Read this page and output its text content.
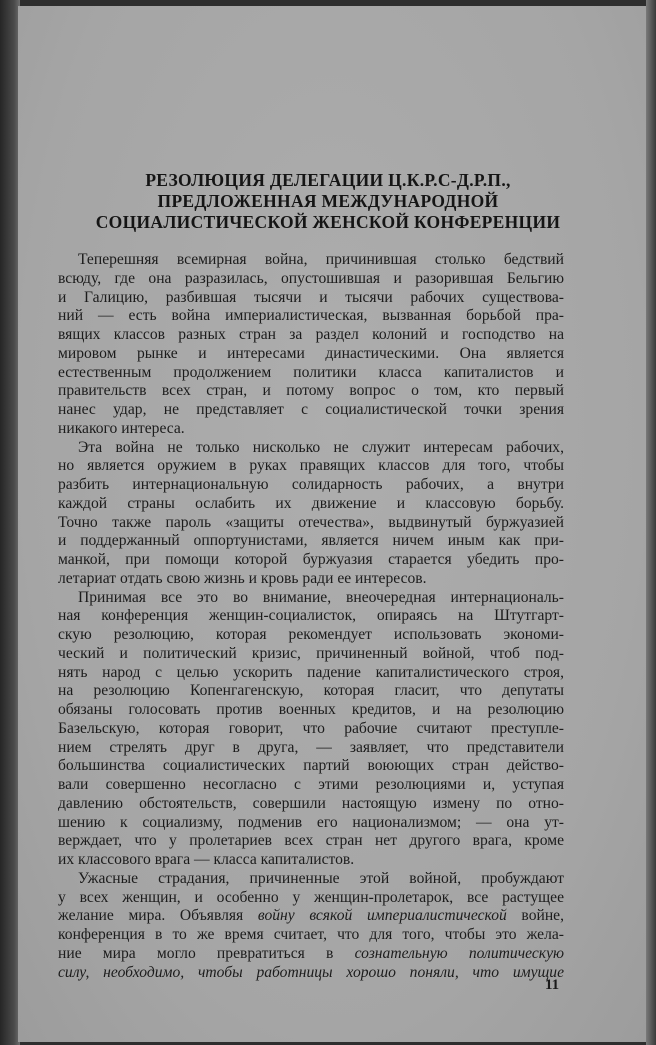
РЕЗОЛЮЦИЯ ДЕЛЕГАЦИИ Ц.К.Р.С-Д.Р.П.,
ПРЕДЛОЖЕННАЯ МЕЖДУНАРОДНОЙ
СОЦИАЛИСТИЧЕСКОЙ ЖЕНСКОЙ КОНФЕРЕНЦИИ
Теперешняя всемирная война, причинившая столько бедствий
всюду, где она разразилась, опустошившая и разорившая Бельгию
и Галицию, разбившая тысячи и тысячи рабочих существова-
ний — есть война империалистическая, вызванная борьбой пра-
вящих классов разных стран за раздел колоний и господство на
мировом рынке и интересами династическими. Она является
естественным продолжением политики класса капиталистов и
правительств всех стран, и потому вопрос о том, кто первый
нанес удар, не представляет с социалистической точки зрения
никакого интереса.
Эта война не только нисколько не служит интересам рабочих,
но является оружием в руках правящих классов для того, чтобы
разбить интернациональную солидарность рабочих, а внутри
каждой страны ослабить их движение и классовую борьбу.
Точно также пароль «защиты отечества», выдвинутый буржуазией
и поддержанный оппортунистами, является ничем иным как при-
манкой, при помощи которой буржуазия старается убедить про-
летариат отдать свою жизнь и кровь ради ее интересов.
Принимая все это во внимание, внеочередная интернациональ-
ная конференция женщин-социалисток, опираясь на Штутгарт-
скую резолюцию, которая рекомендует использовать экономи-
ческий и политический кризис, причиненный войной, чтоб под-
нять народ с целью ускорить падение капиталистического строя,
на резолюцию Копенгагенскую, которая гласит, что депутаты
обязаны голосовать против военных кредитов, и на резолюцию
Базельскую, которая говорит, что рабочие считают преступле-
нием стрелять друг в друга, — заявляет, что представители
большинства социалистических партий воюющих стран действо-
вали совершенно несогласно с этими резолюциями и, уступая
давлению обстоятельств, совершили настоящую измену по отно-
шению к социализму, подменив его национализмом; — она ут-
верждает, что у пролетариев всех стран нет другого врага, кроме
их классового врага — класса капиталистов.
Ужасные страдания, причиненные этой войной, пробуждают
у всех женщин, и особенно у женщин-пролетарок, все растущее
желание мира. Объявляя войну всякой империалистической войне,
конференция в то же время считает, что для того, чтобы это жела-
ние мира могло превратиться в сознательную политическую
силу, необходимо, чтобы работницы хорошо поняли, что имущие
11
